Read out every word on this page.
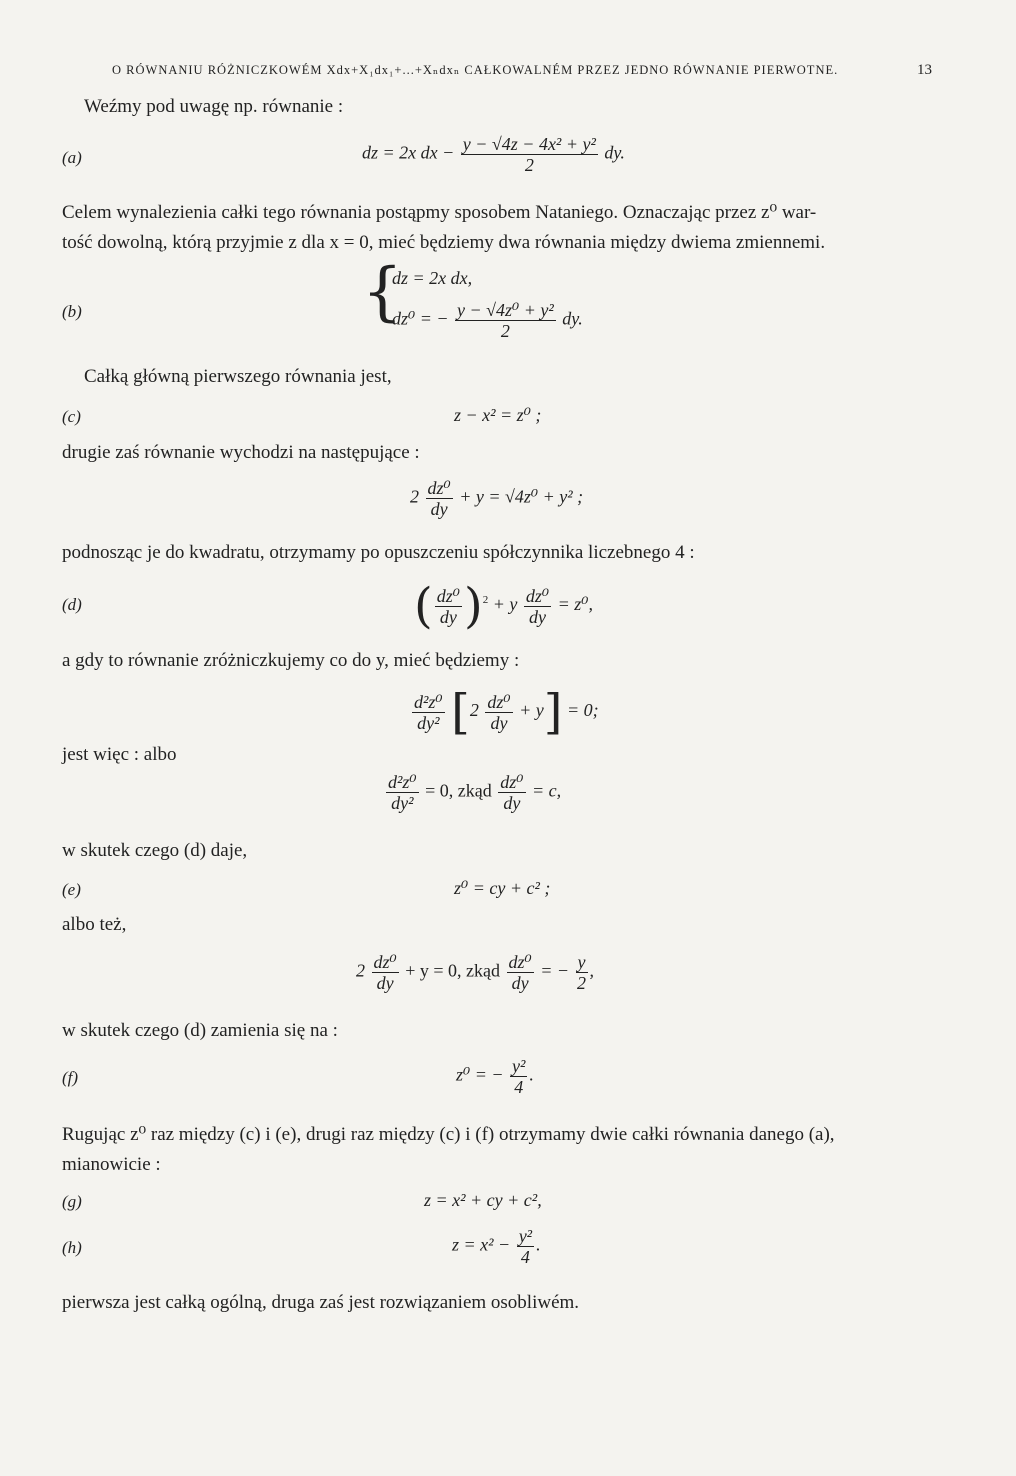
O RÓWNANIU RÓŻNICZKOWÉM Xdx+X₁dx₁+...+Xₙdxₙ CAŁKOWALNÉM PRZEZ JEDNO RÓWNANIE PIERWOTNE.	13
Weźmy pod uwagę np. równanie :
(a)	dz = 2x dx − $\frac{\text{y − √4z − 4x² + y²}}{2}$ dy.
Celem wynalezienia całki tego równania postąpmy sposobem Nataniego. Oznaczając przez z⁰ war-
tość dowolną, którą przyjmie z dla x = 0, mieć będziemy dwa równania między dwiema zmiennemi.
(b)	{
dz = 2x dx,
dz⁰ = − $\frac{\text{y − √4z⁰ + y²}}{2}$ dy.
Całką główną pierwszego równania jest,
(c)	z − x² = z⁰ ;
drugie zaś równanie wychodzi na następujące :
$2 \frac{\text{dz⁰}}{dy} + y = √4z^0 + y^2$ ;
podnosząc je do kwadratu, otrzymamy po opuszczeniu spółczynnika liczebnego 4 :
(d)	( $\frac{\text{dz⁰}}{dy} )^2 + y \frac{\text{dz⁰}}{dy} = z^0$,
a gdy to równanie zróżniczkujemy co do y, mieć będziemy :
$\frac{\text{d²z⁰}}{\text{dy²}} [2 \frac{\text{dz⁰}}{dy} + y] = 0$;
jest więc : albo
$\frac{\text{d²z⁰}}{\text{dy²}} = 0$, zkąd $\frac{\text{dz⁰}}{dy} = c$,
w skutek czego (d) daje,
(e)	z⁰ = cy + c² ;
albo też,
$2 \frac{\text{dz⁰}}{dy} + y = 0$, zkąd $\frac{\text{dz⁰}}{dy}$ = − $\frac{y}{2}$ ,
w skutek czego (d) zamienia się na :
(f)	z⁰ = − $\frac{\text{y²}}{4}$ .
Rugując z⁰ raz między (c) i (e), drugi raz między (c) i (f) otrzymamy dwie całki równania danego (a),
mianowicie :
(g)	z = x² + cy + c²,
(h)	$z = x^2 - \frac{\text{y²}}{4}$ .
pierwsza jest całką ogólną, druga zaś jest rozwiązaniem osobliwém.
